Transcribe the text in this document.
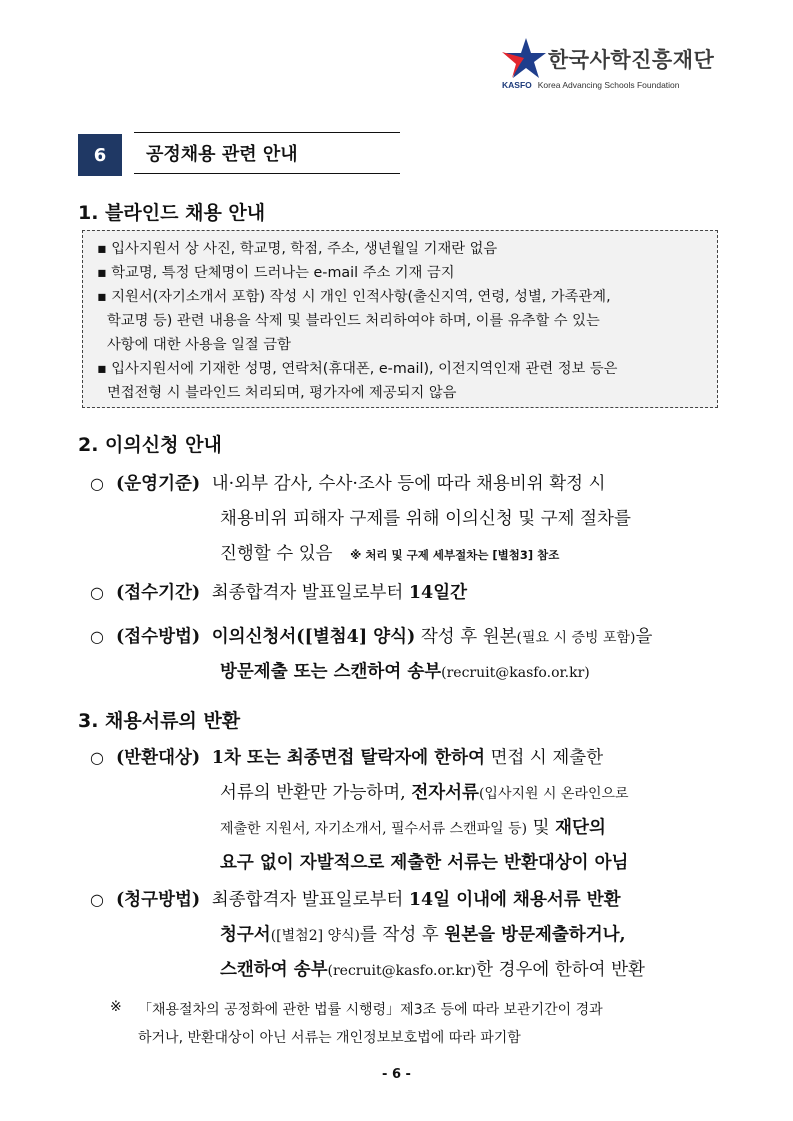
한국사학진흥재단
KASFO Korea Advancing Schools Foundation
6	공정채용 관련 안내
1. 블라인드 채용 안내
▪ 입사지원서 상 사진, 학교명, 학점, 주소, 생년월일 기재란 없음
▪ 학교명, 특정 단체명이 드러나는 e-mail 주소 기재 금지
▪ 지원서(자기소개서 포함) 작성 시 개인 인적사항(출신지역, 연령, 성별, 가족관계,
학교명 등) 관련 내용을 삭제 및 블라인드 처리하여야 하며, 이를 유추할 수 있는
사항에 대한 사용을 일절 금함
▪ 입사지원서에 기재한 성명, 연락처(휴대폰, e-mail), 이전지역인재 관련 정보 등은
면접전형 시 블라인드 처리되며, 평가자에 제공되지 않음
2. 이의신청 안내
○ (운영기준) 내·외부 감사, 수사·조사 등에 따라 채용비위 확정 시
채용비위 피해자 구제를 위해 이의신청 및 구제 절차를
진행할 수 있음 ※ 처리 및 구제 세부절차는 [별첨3] 참조
○ (접수기간) 최종합격자 발표일로부터 14일간
○ (접수방법) 이의신청서([별첨4] 양식) 작성 후 원본(필요 시 증빙 포함)을
방문제출 또는 스캔하여 송부(recruit@kasfo.or.kr)
3. 채용서류의 반환
○ (반환대상) 1차 또는 최종면접 탈락자에 한하여 면접 시 제출한
서류의 반환만 가능하며, 전자서류(입사지원 시 온라인으로
제출한 지원서, 자기소개서, 필수서류 스캔파일 등) 및 재단의
요구 없이 자발적으로 제출한 서류는 반환대상이 아님
○ (청구방법) 최종합격자 발표일로부터 14일 이내에 채용서류 반환
청구서([별첨2] 양식)를 작성 후 원본을 방문제출하거나,
스캔하여 송부(recruit@kasfo.or.kr)한 경우에 한하여 반환
※ 「채용절차의 공정화에 관한 법률 시행령」제3조 등에 따라 보관기간이 경과
하거나, 반환대상이 아닌 서류는 개인정보보호법에 따라 파기함
- 6 -
